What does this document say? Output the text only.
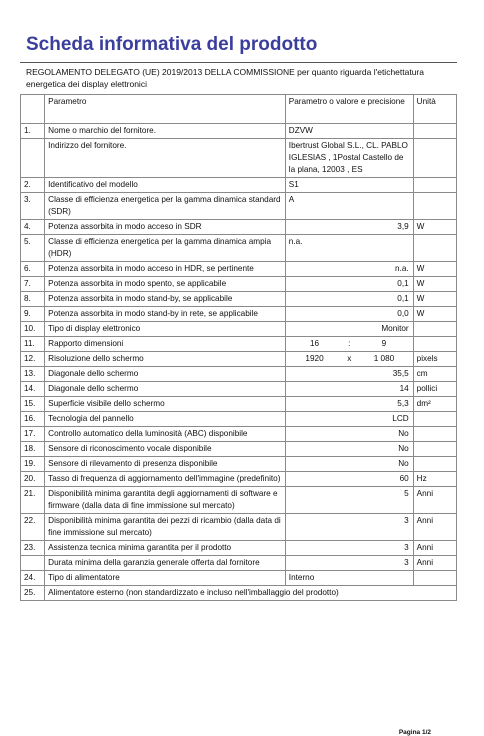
Scheda informativa del prodotto
REGOLAMENTO DELEGATO (UE) 2019/2013 DELLA COMMISSIONE per quanto riguarda l'etichettatura energetica dei display elettronici
	Parametro	Parametro o valore e precisione	Unità
1.	Nome o marchio del fornitore.	DZVW	
	Indirizzo del fornitore.	Ibertrust Global S.L., CL. PABLO IGLESIAS , 1Postal Castello de la plana, 12003 , ES	
2.	Identificativo del modello	S1	
3.	Classe di efficienza energetica per la gamma dinamica standard (SDR)	A	
4.	Potenza assorbita in modo acceso in SDR	3,9	W
5.	Classe di efficienza energetica per la gamma dinamica ampia (HDR)	n.a.	
6.	Potenza assorbita in modo acceso in HDR, se pertinente	n.a.	W
7.	Potenza assorbita in modo spento, se applicabile	0,1	W
8.	Potenza assorbita in modo stand-by, se applicabile	0,1	W
9.	Potenza assorbita in modo stand-by in rete, se applicabile	0,0	W
10.	Tipo di display elettronico	Monitor	
11.	Rapporto dimensioni	16 : 9	

12.	Risoluzione dello schermo	1920 x 1 080	pixels
13.	Diagonale dello schermo	35,5	cm
14.	Diagonale dello schermo	14	pollici
15.	Superficie visibile dello schermo	5,3	dm²
16.	Tecnologia del pannello	LCD	
17.	Controllo automatico della luminosità (ABC) disponibile	No	
18.	Sensore di riconoscimento vocale disponibile	No	
19.	Sensore di rilevamento di presenza disponibile	No	
20.	Tasso di frequenza di aggiornamento dell'immagine (predefinito)	60	Hz
21.	Disponibilità minima garantita degli aggiornamenti di software e firmware (dalla data di fine immissione sul mercato)	5	Anni
22.	Disponibilità minima garantita dei pezzi di ricambio (dalla data di fine immissione sul mercato)	3	Anni
23.	Assistenza tecnica minima garantita per il prodotto	3	Anni
	Durata minima della garanzia generale offerta dal fornitore	3	Anni
24.	Tipo di alimentatore	Interno	
25.	Alimentatore esterno (non standardizzato e incluso nell'imballaggio del prodotto)		
Pagina 1/2
